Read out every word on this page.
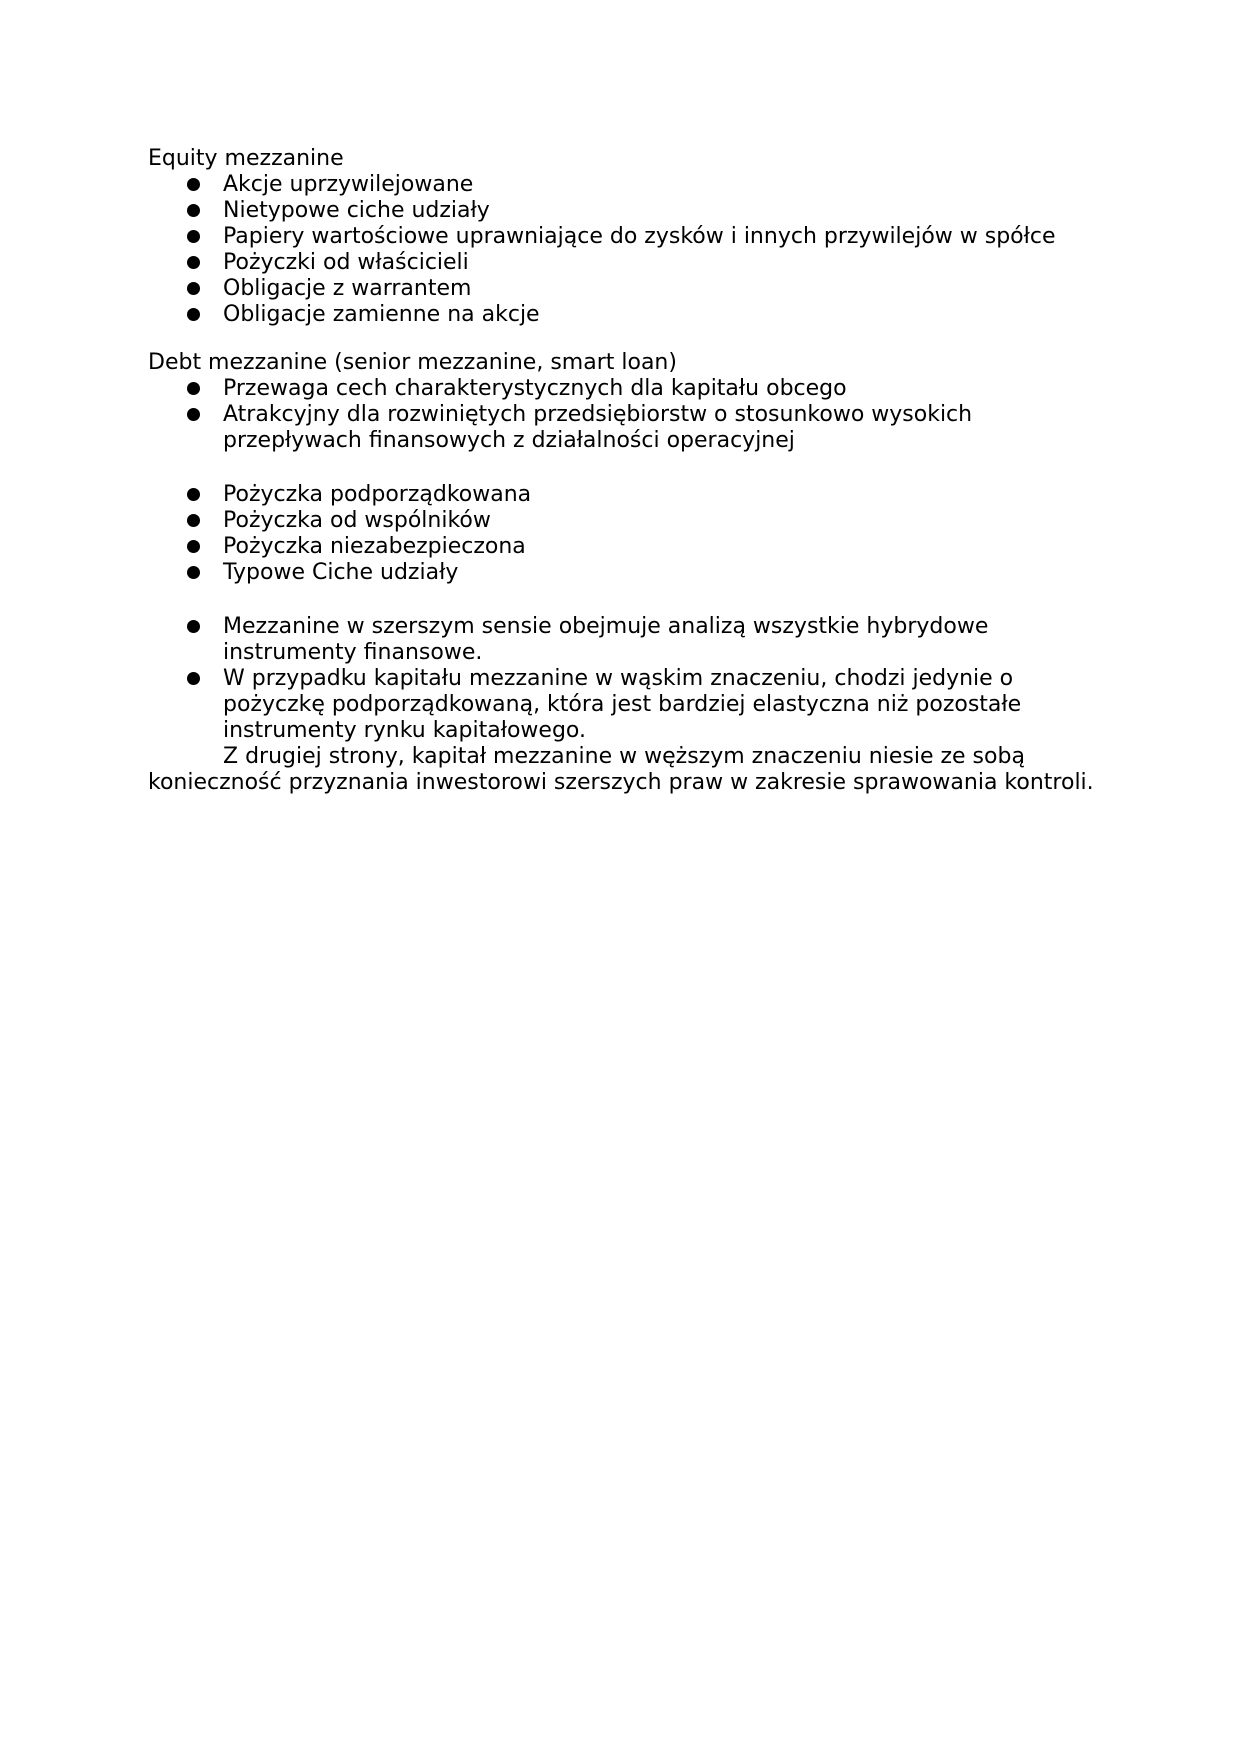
Equity mezzanine

Akcje uprzywilejowane
Nietypowe ciche udziały
Papiery wartościowe uprawniające do zysków i innych przywilejów w spółce
Pożyczki od właścicieli
Obligacje z warrantem
Obligacje zamienne na akcje

Debt mezzanine (senior mezzanine, smart loan)

Przewaga cech charakterystycznych dla kapitału obcego
Atrakcyjny dla rozwiniętych przedsiębiorstw o stosunkowo wysokich przepływach finansowych z działalności operacyjnej
Pożyczka podporządkowana
Pożyczka od wspólników
Pożyczka niezabezpieczona
Typowe Ciche udziały
Mezzanine w szerszym sensie obejmuje analizą wszystkie hybrydowe instrumenty finansowe.
W przypadku kapitału mezzanine w wąskim znaczeniu, chodzi jedynie o pożyczkę podporządkowaną, która jest bardziej elastyczna niż pozostałe instrumenty rynku kapitałowego.

Z drugiej strony, kapitał mezzanine w węższym znaczeniu niesie ze sobą konieczność przyznania inwestorowi szerszych praw w zakresie sprawowania kontroli.
